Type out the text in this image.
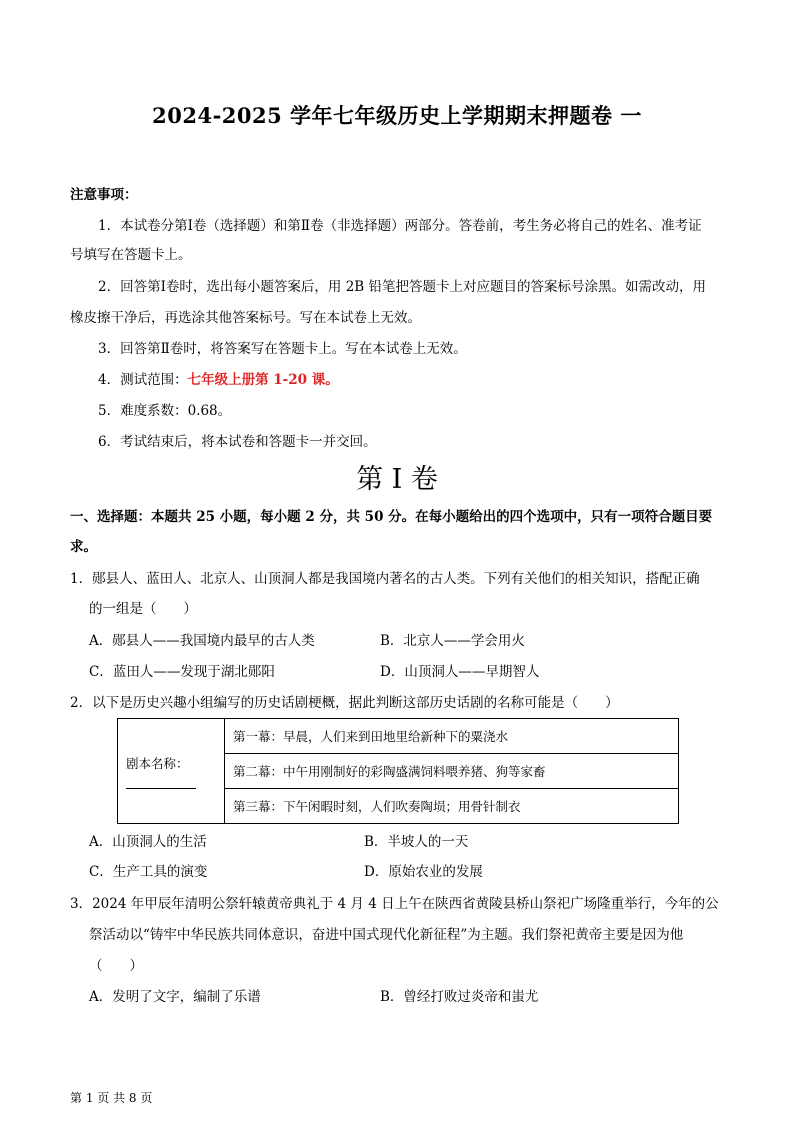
2024-2025 学年七年级历史上学期期末押题卷 一
注意事项：
1．本试卷分第Ⅰ卷（选择题）和第Ⅱ卷（非选择题）两部分。答卷前，考生务必将自己的姓名、准考证
号填写在答题卡上。
2．回答第Ⅰ卷时，选出每小题答案后，用 2B 铅笔把答题卡上对应题目的答案标号涂黑。如需改动，用
橡皮擦干净后，再选涂其他答案标号。写在本试卷上无效。
3．回答第Ⅱ卷时，将答案写在答题卡上。写在本试卷上无效。
4．测试范围：七年级上册第 1-20 课。
5．难度系数：0.68。
6．考试结束后，将本试卷和答题卡一并交回。
第 I 卷
一、选择题：本题共 25 小题，每小题 2 分，共 50 分。在每小题给出的四个选项中，只有一项符合题目要
求。
1．郧县人、蓝田人、北京人、山顶洞人都是我国境内著名的古人类。下列有关他们的相关知识，搭配正确
的一组是（　　）
A．郧县人——我国境内最早的古人类	B．北京人——学会用火
C．蓝田人——发现于湖北郧阳	D．山顶洞人——早期智人
2．以下是历史兴趣小组编写的历史话剧梗概，据此判断这部历史话剧的名称可能是（　　）
剧本名称：
	第一幕：早晨，人们来到田地里给新种下的粟浇水
第二幕：中午用刚制好的彩陶盛满饲料喂养猪、狗等家畜
第三幕：下午闲暇时刻，人们吹奏陶埙；用骨针制衣
A．山顶洞人的生活	B．半坡人的一天
C．生产工具的演变	D．原始农业的发展
3．2024 年甲辰年清明公祭轩辕黄帝典礼于 4 月 4 日上午在陕西省黄陵县桥山祭祀广场隆重举行，今年的公
祭活动以“铸牢中华民族共同体意识，奋进中国式现代化新征程”为主题。我们祭祀黄帝主要是因为他
（　　）
A．发明了文字，编制了乐谱	B．曾经打败过炎帝和蚩尤
第 1 页 共 8 页
